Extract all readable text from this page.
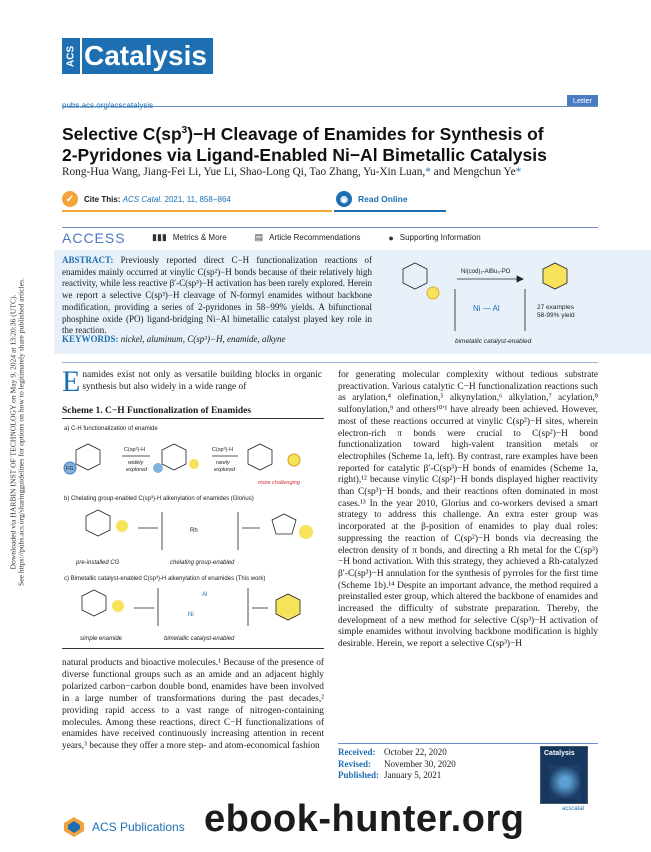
Downloaded via HARBIN INST OF TECHNOLOGY on May 9, 2024 at 13:20:36 (UTC). See https://pubs.acs.org/sharingguidelines for options on how to legitimately share published articles.
ACS Catalysis
pubs.acs.org/acscatalysis
Letter
Selective $C(sp^3)-H$ Cleavage of Enamides for Synthesis of
2-Pyridones via Ligand-Enabled Ni−Al Bimetallic Catalysis
Rong-Hua Wang, Jiang-Fei Li, Yue Li, Shao-Long Qi, Tao Zhang, Yu-Xin Luan,* and Mengchun Ye*
✓	Cite This: ACS Catal. 2021, 11, 858−864	◉	Read Online
ACCESS	▮▮▮ Metrics & More	▤ Article Recommendations	● Supporting Information
ABSTRACT: Previously reported direct C−H functionalization reactions of enamides mainly occurred at vinylic C(sp²)−H bonds because of their relatively high reactivity, while less reactive β′-C(sp³)−H activation has been rarely explored. Herein we report a selective C(sp³)−H cleavage of N-formyl enamides without backbone modification, providing a series of 2-pyridones in 58−99% yields. A bifunctional phosphine oxide (PO) ligand-bridging Ni−Al bimetallic catalyst played key role in the reaction.
KEYWORDS: nickel, aluminum, C(sp³)−H, enamide, alkyne
Ni(cod)₂-AlBu₃-PO
Ni — Al	27 examples
58-99% yield
bimetallic catalyst-enabled
Enamides exist not only as versatile building blocks in organic synthesis but also widely in a wide range of
Scheme 1. C−H Functionalization of Enamides
a) C-H functionalization of enamide
FG
C(sp²)-H
widely
explored
C(sp³)-H
rarely
explored
more challenging
b) Chelating group-enabled C(sp³)-H alkenylation of enamides (Glorius)
Rh
pre-installed CG	chelating group-enabled
c) Bimetallic catalyst-enabled C(sp³)-H alkenylation of enamides (This work)
Al
Ni
simple enamide	bimetallic catalyst-enabled
natural products and bioactive molecules.¹ Because of the presence of diverse functional groups such as an amide and an adjacent highly polarized carbon−carbon double bond, enamides have been involved in a large number of transformations during the past decades,² providing rapid access to a vast range of nitrogen-containing molecules. Among these reactions, direct C−H functionalizations of enamides have received continuously increasing attention in recent years,³ because they offer a more step- and atom-economical fashion
for generating molecular complexity without tedious substrate preactivation. Various catalytic C−H functionalization reactions such as arylation,⁴ olefination,⁵ alkynylation,⁶ alkylation,⁷ acylation,⁸ sulfonylation,⁹ and others¹⁰ʹ¹ have already been achieved. However, most of these reactions occurred at vinylic C(sp²)−H sites, wherein electron-rich π bonds were crucial to C(sp²)−H bond functionalization toward high-valent transition metals or electrophiles (Scheme 1a, left). By contrast, rare examples have been reported for catalytic β′-C(sp³)−H bonds of enamides (Scheme 1a, right),¹² because vinylic C(sp²)−H bonds displayed higher reactivity than C(sp³)−H bonds, and their reactions often dominated in most cases.¹³ In the year 2010, Glorius and co-workers devised a smart strategy to address this challenge. An extra ester group was incorporated at the β-position of enamides to play dual roles: suppressing the reaction of C(sp²)−H bonds via decreasing the electron density of π bonds, and directing a Rh metal for the C(sp³)−H bond activation. With this strategy, they achieved a Rh-catalyzed β′-C(sp³)−H annulation for the synthesis of pyrroles for the first time (Scheme 1b).¹⁴ Despite an important advance, the method required a preinstalled ester group, which altered the backbone of enamides and increased the difficulty of substrate preparation. Thereby, the development of a new method for selective C(sp³)−H activation of simple enamides without involving backbone modification is highly desirable. Herein, we report a selective C(sp³)−H
Received: October 22, 2020
Revised: November 30, 2020
Published: January 5, 2021
Catalysis
ACS Publications
acscatal
ebook-hunter.org
